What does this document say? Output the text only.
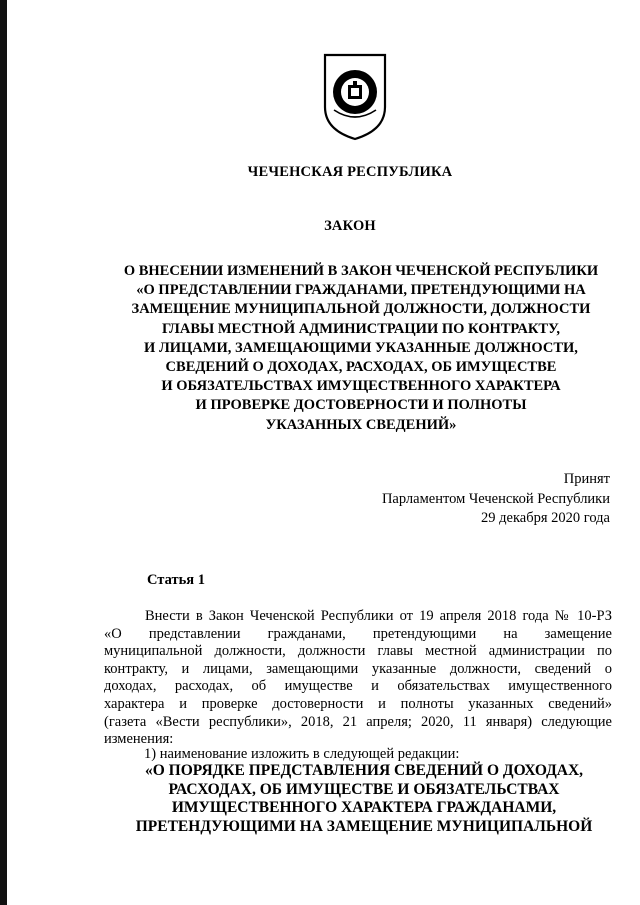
ЧЕЧЕНСКАЯ РЕСПУБЛИКА
ЗАКОН
О ВНЕСЕНИИ ИЗМЕНЕНИЙ В ЗАКОН ЧЕЧЕНСКОЙ РЕСПУБЛИКИ
«О ПРЕДСТАВЛЕНИИ ГРАЖДАНАМИ, ПРЕТЕНДУЮЩИМИ НА
ЗАМЕЩЕНИЕ МУНИЦИПАЛЬНОЙ ДОЛЖНОСТИ, ДОЛЖНОСТИ
ГЛАВЫ МЕСТНОЙ АДМИНИСТРАЦИИ ПО КОНТРАКТУ,
И ЛИЦАМИ, ЗАМЕЩАЮЩИМИ УКАЗАННЫЕ ДОЛЖНОСТИ,
СВЕДЕНИЙ О ДОХОДАХ, РАСХОДАХ, ОБ ИМУЩЕСТВЕ
И ОБЯЗАТЕЛЬСТВАХ ИМУЩЕСТВЕННОГО ХАРАКТЕРА
И ПРОВЕРКЕ ДОСТОВЕРНОСТИ И ПОЛНОТЫ
УКАЗАННЫХ СВЕДЕНИЙ»
Принят
Парламентом Чеченской Республики
29 декабря 2020 года
Статья 1
Внести в Закон Чеченской Республики от 19 апреля 2018 года № 10-РЗ
«О представлении гражданами, претендующими на замещение
муниципальной должности, должности главы местной администрации по
контракту, и лицами, замещающими указанные должности, сведений о
доходах, расходах, об имуществе и обязательствах имущественного
характера и проверке достоверности и полноты указанных сведений»
(газета «Вести республики», 2018, 21 апреля; 2020, 11 января) следующие
изменения:
1) наименование изложить в следующей редакции:
«О ПОРЯДКЕ ПРЕДСТАВЛЕНИЯ СВЕДЕНИЙ О ДОХОДАХ,
РАСХОДАХ, ОБ ИМУЩЕСТВЕ И ОБЯЗАТЕЛЬСТВАХ
ИМУЩЕСТВЕННОГО ХАРАКТЕРА ГРАЖДАНАМИ,
ПРЕТЕНДУЮЩИМИ НА ЗАМЕЩЕНИЕ МУНИЦИПАЛЬНОЙ
